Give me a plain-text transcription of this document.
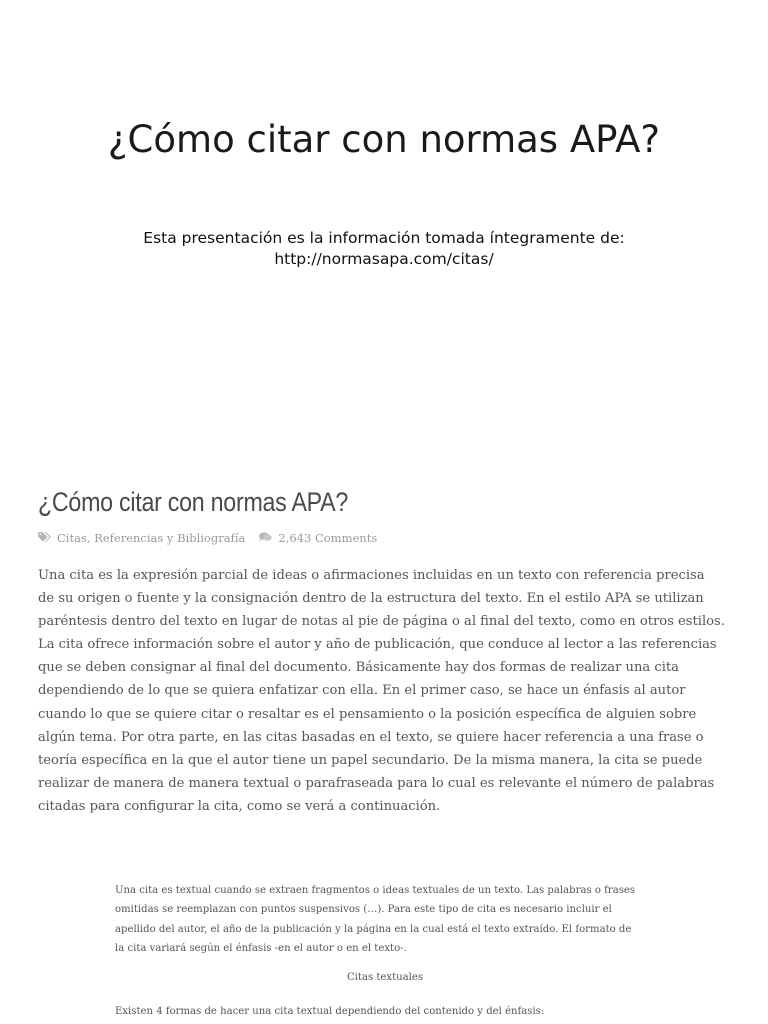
¿Cómo citar con normas APA?
Esta presentación es la información tomada íntegramente de:
http://normasapa.com/citas/
¿Cómo citar con normas APA?
Citas, Referencias y Bibliografía	2,643 Comments
Una cita es la expresión parcial de ideas o afirmaciones incluidas en un texto con referencia precisa
de su origen o fuente y la consignación dentro de la estructura del texto. En el estilo APA se utilizan
paréntesis dentro del texto en lugar de notas al pie de página o al final del texto, como en otros estilos.
La cita ofrece información sobre el autor y año de publicación, que conduce al lector a las referencias
que se deben consignar al final del documento. Básicamente hay dos formas de realizar una cita
dependiendo de lo que se quiera enfatizar con ella. En el primer caso, se hace un énfasis al autor
cuando lo que se quiere citar o resaltar es el pensamiento o la posición específica de alguien sobre
algún tema. Por otra parte, en las citas basadas en el texto, se quiere hacer referencia a una frase o
teoría específica en la que el autor tiene un papel secundario. De la misma manera, la cita se puede
realizar de manera de manera textual o parafraseada para lo cual es relevante el número de palabras
citadas para configurar la cita, como se verá a continuación.
Una cita es textual cuando se extraen fragmentos o ideas textuales de un texto. Las palabras o frases
omitidas se reemplazan con puntos suspensivos (…). Para este tipo de cita es necesario incluir el
apellido del autor, el año de la publicación y la página en la cual está el texto extraído. El formato de
la cita variará según el énfasis -en el autor o en el texto-.
Citas textuales
Existen 4 formas de hacer una cita textual dependiendo del contenido y del énfasis:
